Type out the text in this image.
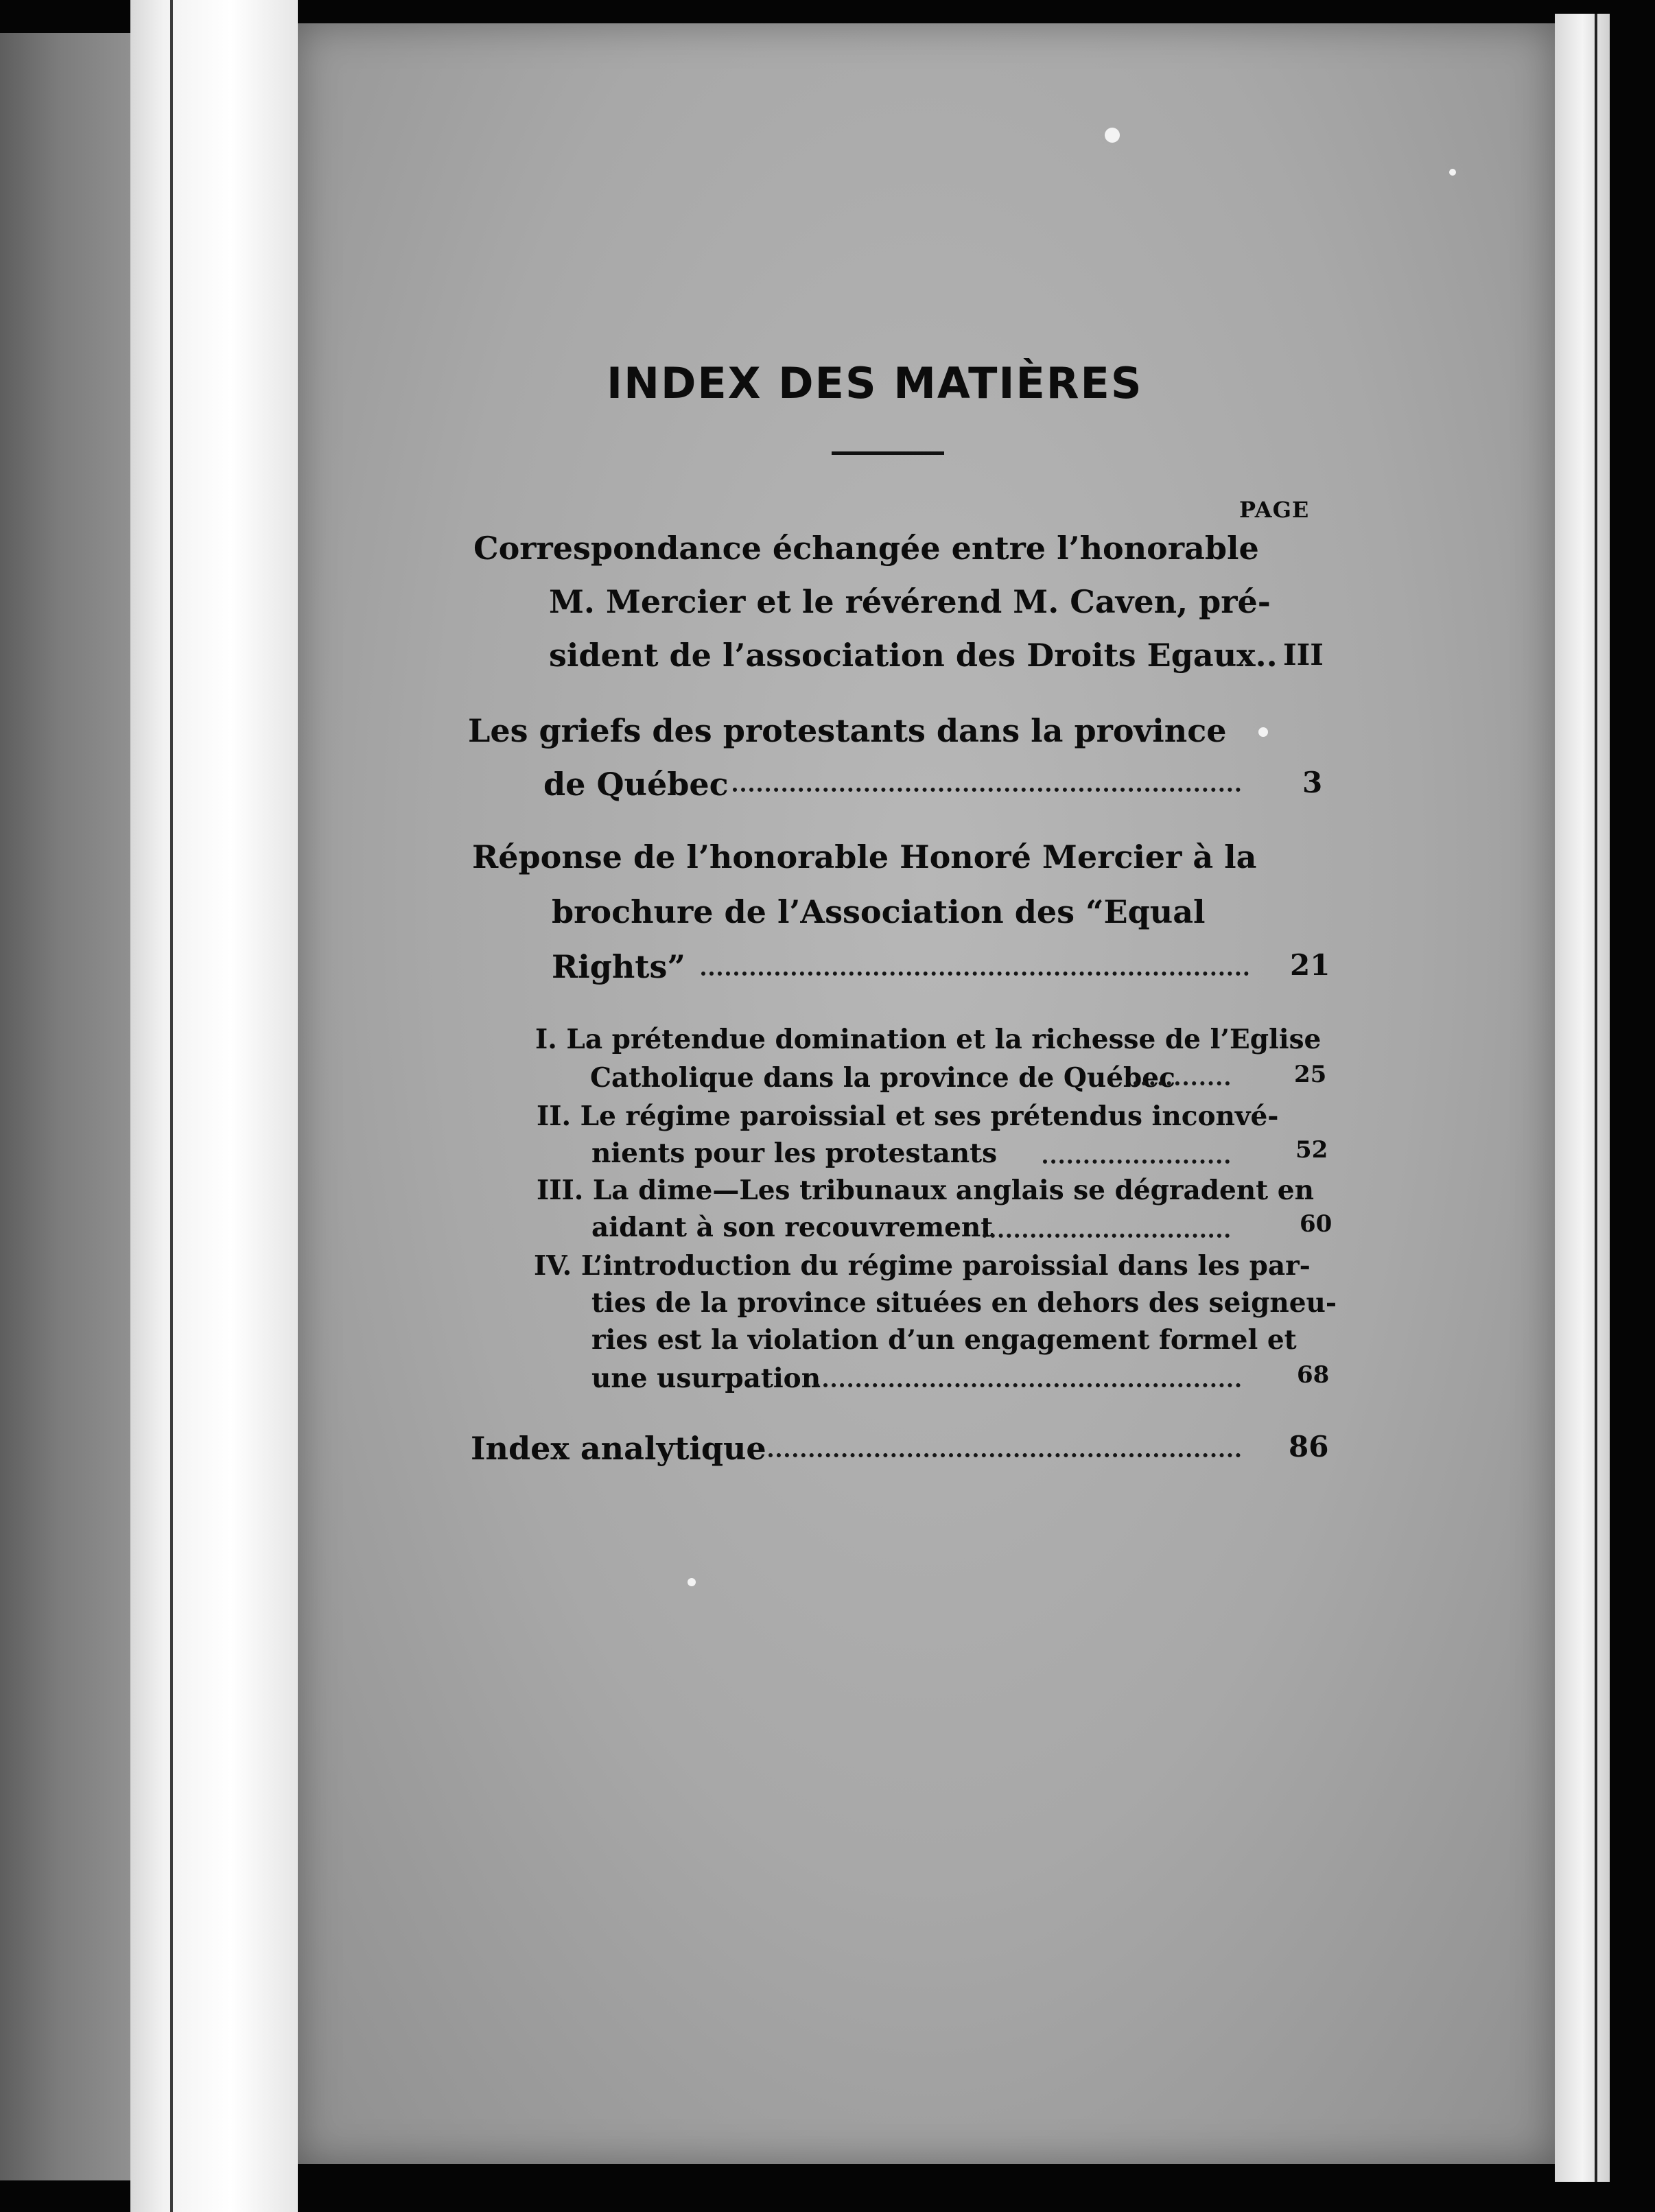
INDEX DES MATIÈRES
PAGE
Correspondance échangée entre l’honorable
M. Mercier et le révérend M. Caven, pré-
sident de l’association des Droits Egaux.. III
Les griefs des protestants dans la province
de Québec	3
Réponse de l’honorable Honoré Mercier à la
brochure de l’Association des “Equal
Rights”	21
I. La prétendue domination et la richesse de l’Eglise
Catholique dans la province de Québec	25
II. Le régime paroissial et ses prétendus inconvé-
nients pour les protestants	52
III. La dime—Les tribunaux anglais se dégradent en
aidant à son recouvrement	60
IV. L’introduction du régime paroissial dans les par-
ties de la province situées en dehors des seigneu-
ries est la violation d’un engagement formel et
une usurpation	68
Index analytique	86
